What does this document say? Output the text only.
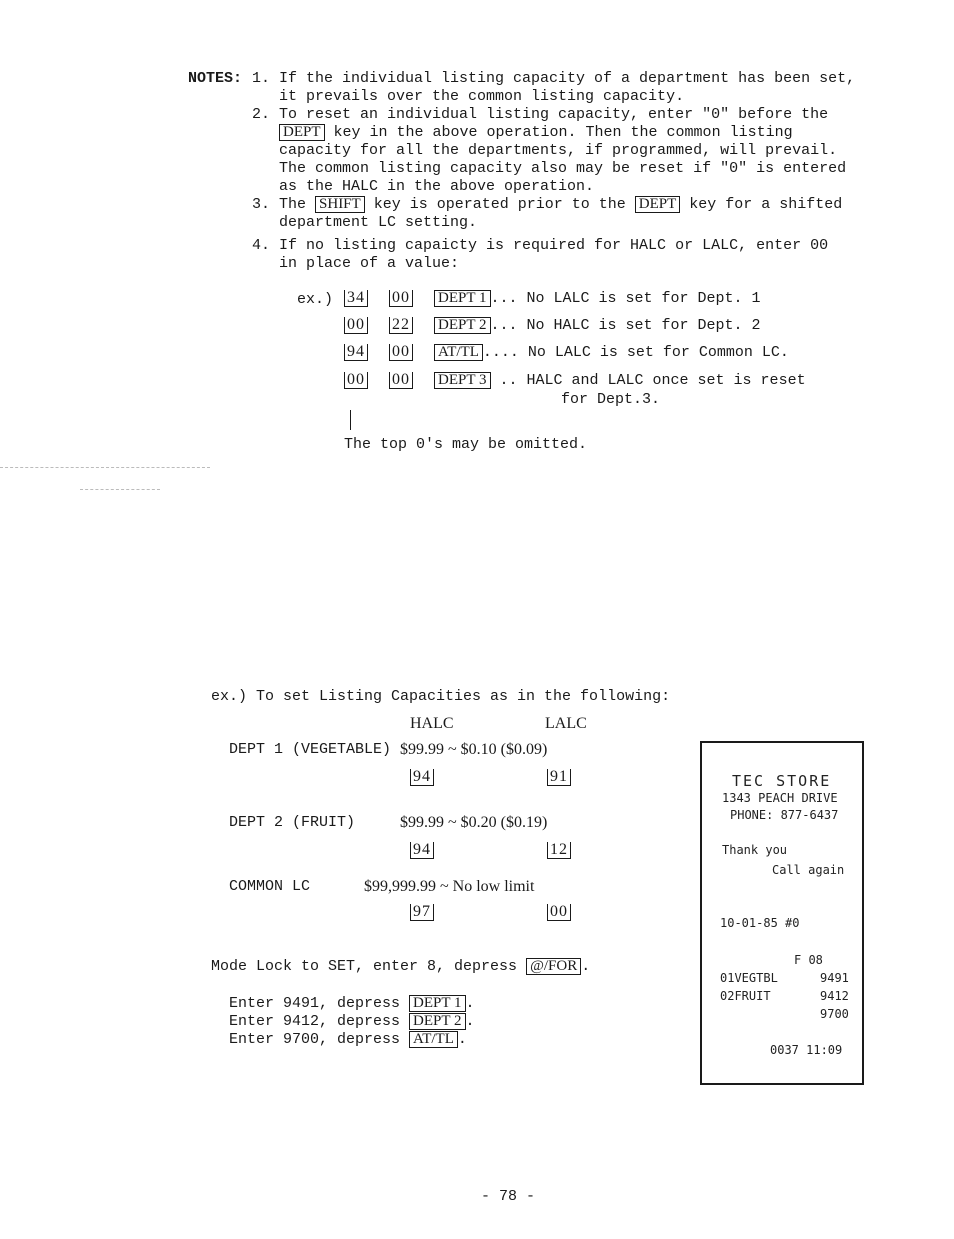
NOTES: 1. If the individual listing capacity of a department has been set,
it prevails over the common listing capacity.
2. To reset an individual listing capacity, enter "0" before the
DEPT key in the above operation. Then the common listing
capacity for all the departments, if programmed, will prevail.
The common listing capacity also may be reset if "0" is entered
as the HALC in the above operation.
3. The SHIFT key is operated prior to the DEPT key for a shifted
department LC setting.
4. If no listing capaicty is required for HALC or LALC, enter 00
in place of a value:
ex.) 34 00 DEPT 1 ... No LALC is set for Dept. 1
00 22 DEPT 2 ... No HALC is set for Dept. 2
94 00 AT/TL .... No LALC is set for Common LC.
00 00 DEPT 3 .. HALC and LALC once set is reset
for Dept.3.
The top 0's may be omitted.
ex.) To set Listing Capacities as in the following:
HALC	LALC
DEPT 1 (VEGETABLE) $99.99 ~ $0.10 ($0.09)
94	91
DEPT 2 (FRUIT)	$99.99 ~ $0.20 ($0.19)
94	12
COMMON LC	$99,999.99 ~ No low limit
97	00
Mode Lock to SET, enter 8, depress @/FOR .
Enter 9491, depress DEPT 1 .
Enter 9412, depress DEPT 2 .
Enter 9700, depress AT/TL .
TEC STORE
1343 PEACH DRIVE
PHONE: 877-6437
Thank you
Call again
10-01-85 #0
F 08
01VEGTBL	9491
02FRUIT	9412
9700
0037 11:09
- 78 -
